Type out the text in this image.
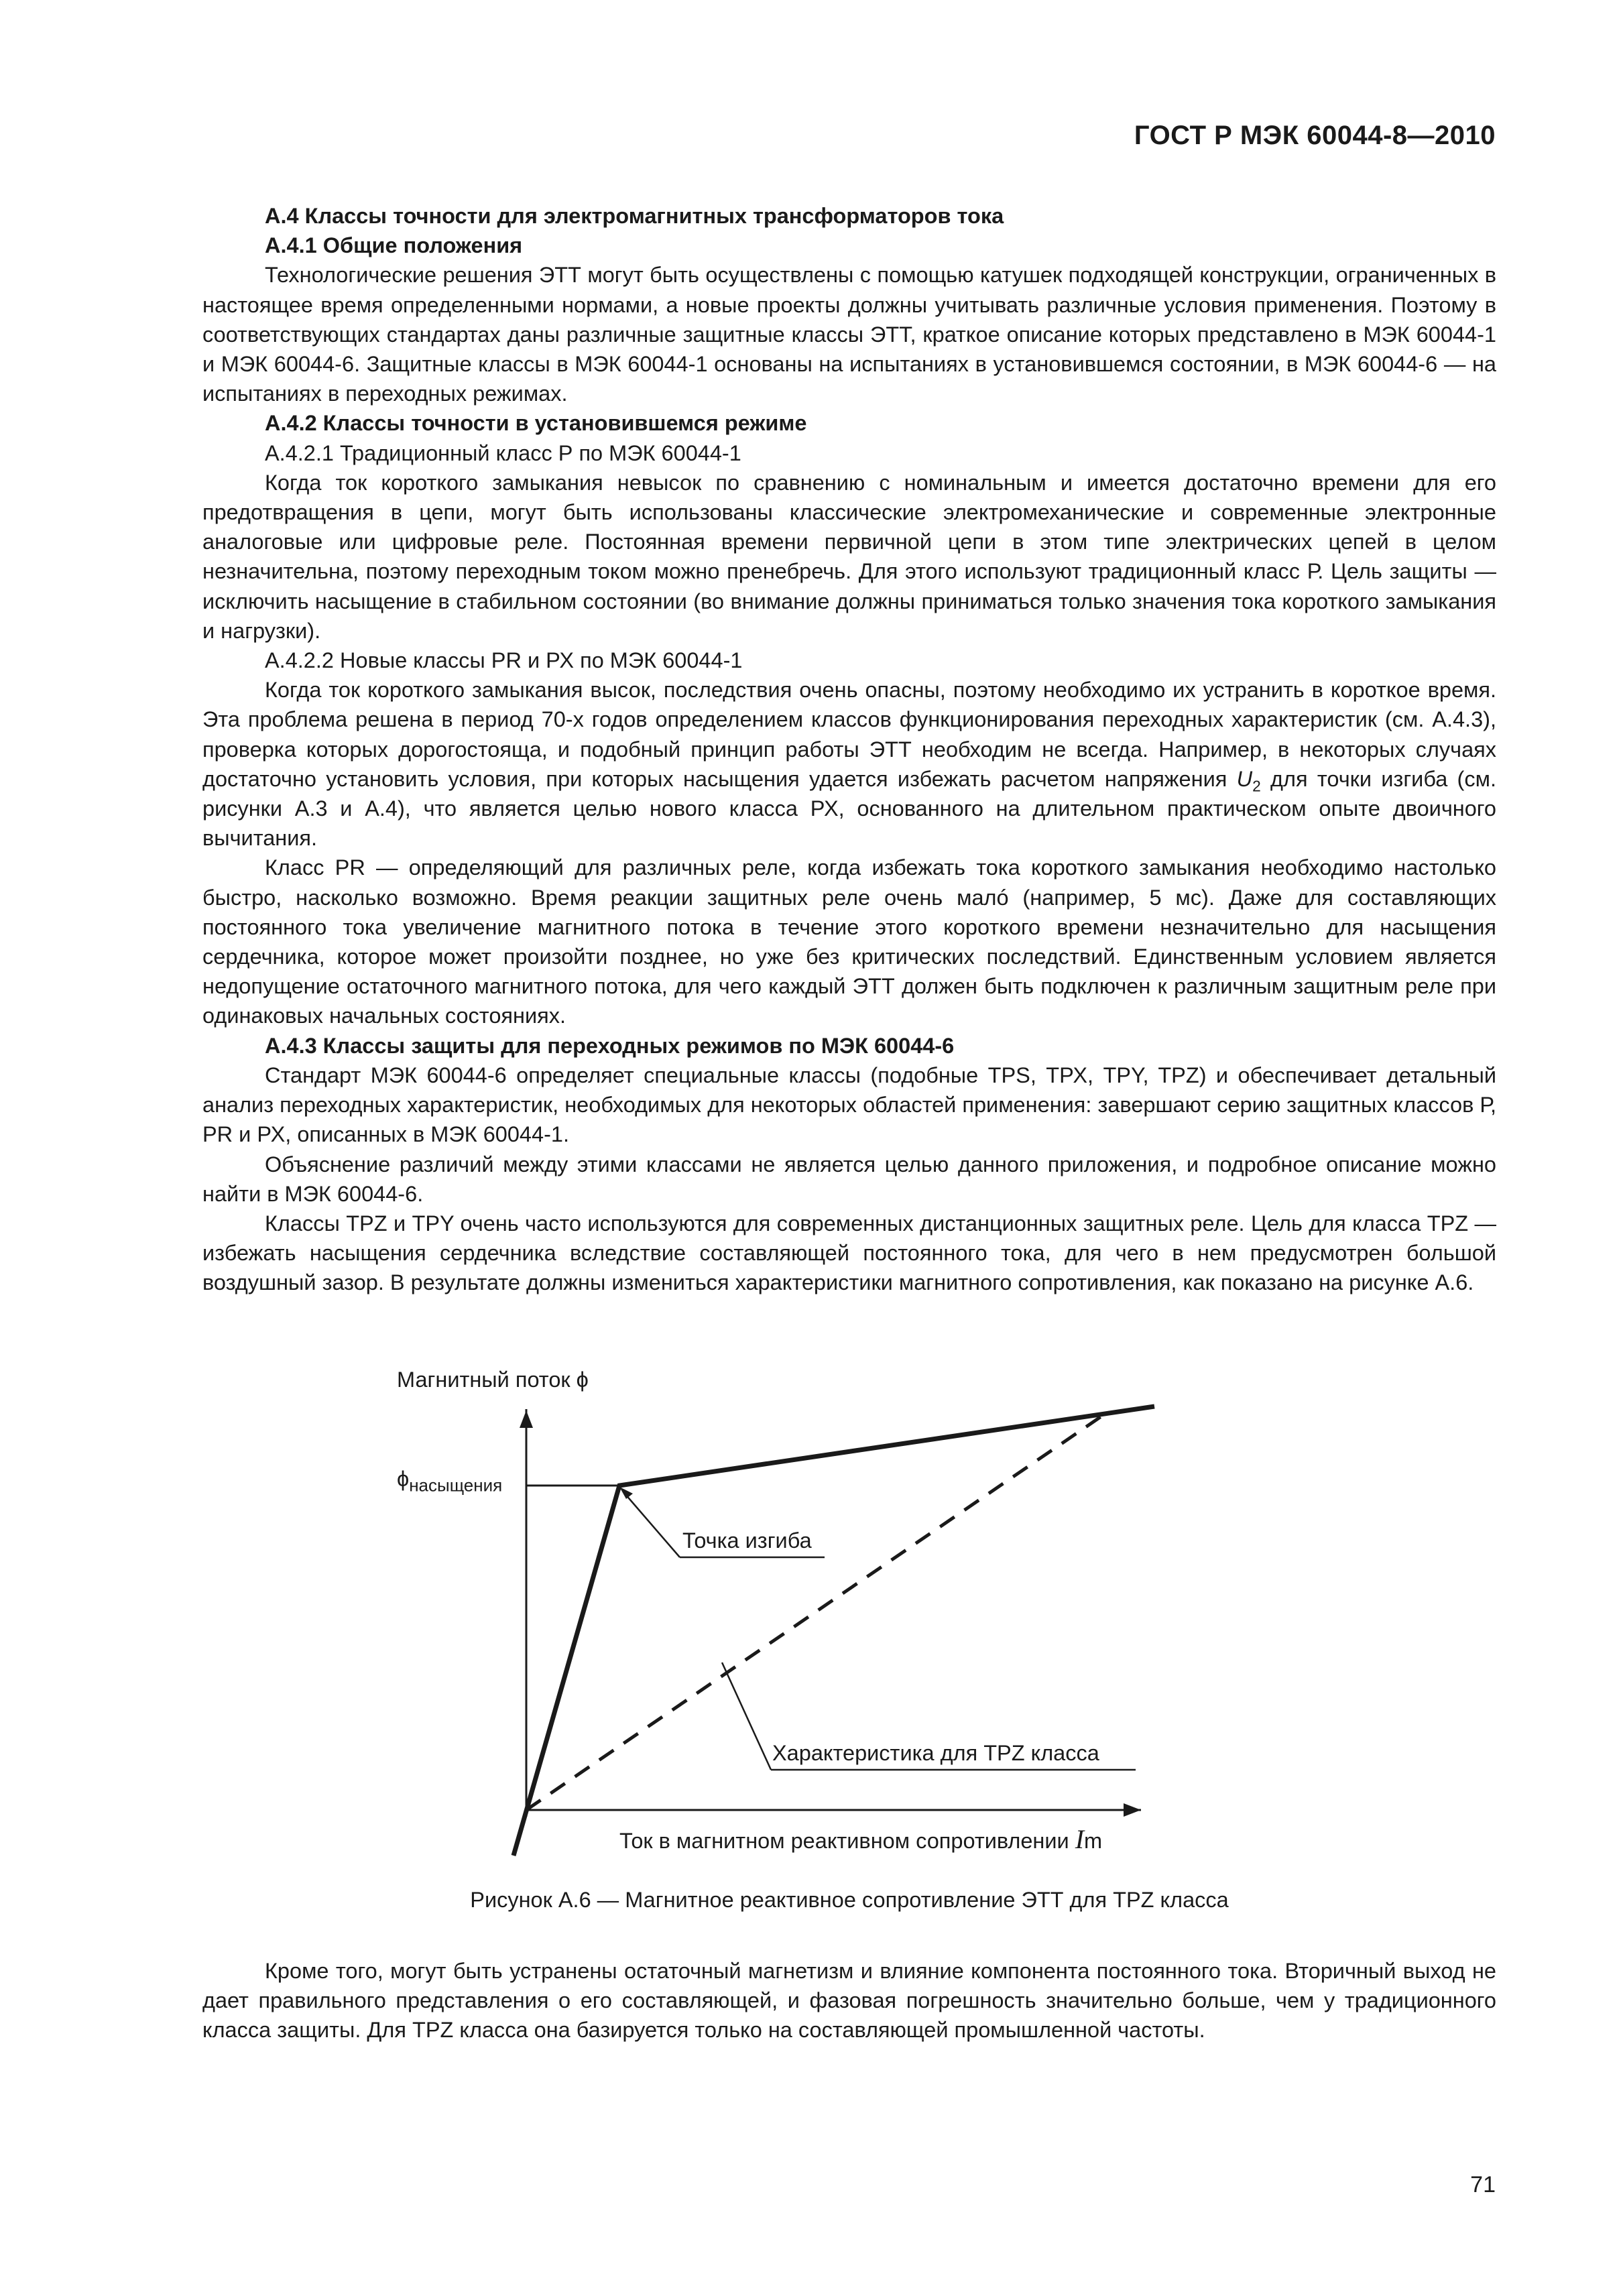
ГОСТ Р МЭК 60044-8—2010

А.4 Классы точности для электромагнитных трансформаторов тока

А.4.1 Общие положения

Технологические решения ЭТТ могут быть осуществлены с помощью катушек подходящей конструкции, ограниченных в настоящее время определенными нормами, а новые проекты должны учитывать различные условия применения. Поэтому в соответствующих стандартах даны различные защитные классы ЭТТ, краткое описание которых представлено в МЭК 60044-1 и МЭК 60044-6. Защитные классы в МЭК 60044-1 основаны на испытаниях в установившемся состоянии, в МЭК 60044-6 — на испытаниях в переходных режимах.

А.4.2 Классы точности в установившемся режиме

А.4.2.1 Традиционный класс Р по МЭК 60044-1

Когда ток короткого замыкания невысок по сравнению с номинальным и имеется достаточно времени для его предотвращения в цепи, могут быть использованы классические электромеханические и современные электронные аналоговые или цифровые реле. Постоянная времени первичной цепи в этом типе электрических цепей в целом незначительна, поэтому переходным током можно пренебречь. Для этого используют традиционный класс Р. Цель защиты — исключить насыщение в стабильном состоянии (во внимание должны приниматься только значения тока короткого замыкания и нагрузки).

А.4.2.2 Новые классы PR и РХ по МЭК 60044-1

Когда ток короткого замыкания высок, последствия очень опасны, поэтому необходимо их устранить в короткое время. Эта проблема решена в период 70-х годов определением классов функционирования переходных характеристик (см. А.4.3), проверка которых дорогостояща, и подобный принцип работы ЭТТ необходим не всегда. Например, в некоторых случаях достаточно установить условия, при которых насыщения удается избежать расчетом напряжения $U_2$ для точки изгиба (см. рисунки А.3 и А.4), что является целью нового класса РХ, основанного на длительном практическом опыте двоичного вычитания.

Класс PR — определяющий для различных реле, когда избежать тока короткого замыкания необходимо настолько быстро, насколько возможно. Время реакции защитных реле очень мaлó (например, 5 мс). Даже для составляющих постоянного тока увеличение магнитного потока в течение этого короткого времени незначительно для насыщения сердечника, которое может произойти позднее, но уже без критических последствий. Единственным условием является недопущение остаточного магнитного потока, для чего каждый ЭТТ должен быть подключен к различным защитным реле при одинаковых начальных состояниях.

А.4.3 Классы защиты для переходных режимов по МЭК 60044-6

Стандарт МЭК 60044-6 определяет специальные классы (подобные TPS, ТРХ, TPY, TPZ) и обеспечивает детальный анализ переходных характеристик, необходимых для некоторых областей применения: завершают серию защитных классов Р, PR и РХ, описанных в МЭК 60044-1.

Объяснение различий между этими классами не является целью данного приложения, и подробное описание можно найти в МЭК 60044-6.

Классы TPZ и TPY очень часто используются для современных дистанционных защитных реле. Цель для класса TPZ — избежать насыщения сердечника вследствие составляющей постоянного тока, для чего в нем предусмотрен большой воздушный зазор. В результате должны измениться характеристики магнитного сопротивления, как показано на рисунке А.6.

Магнитный поток ϕ
$\phi_{насыщения}$
Точка изгиба
Характеристика для TPZ класса
Ток в магнитном реактивном сопротивлении Im
Рисунок А.6 — Магнитное реактивное сопротивление ЭТТ для TPZ класса

Кроме того, могут быть устранены остаточный магнетизм и влияние компонента постоянного тока. Вторичный выход не дает правильного представления о его составляющей, и фазовая погрешность значительно больше, чем у традиционного класса защиты. Для TPZ класса она базируется только на составляющей промышленной частоты.

71
